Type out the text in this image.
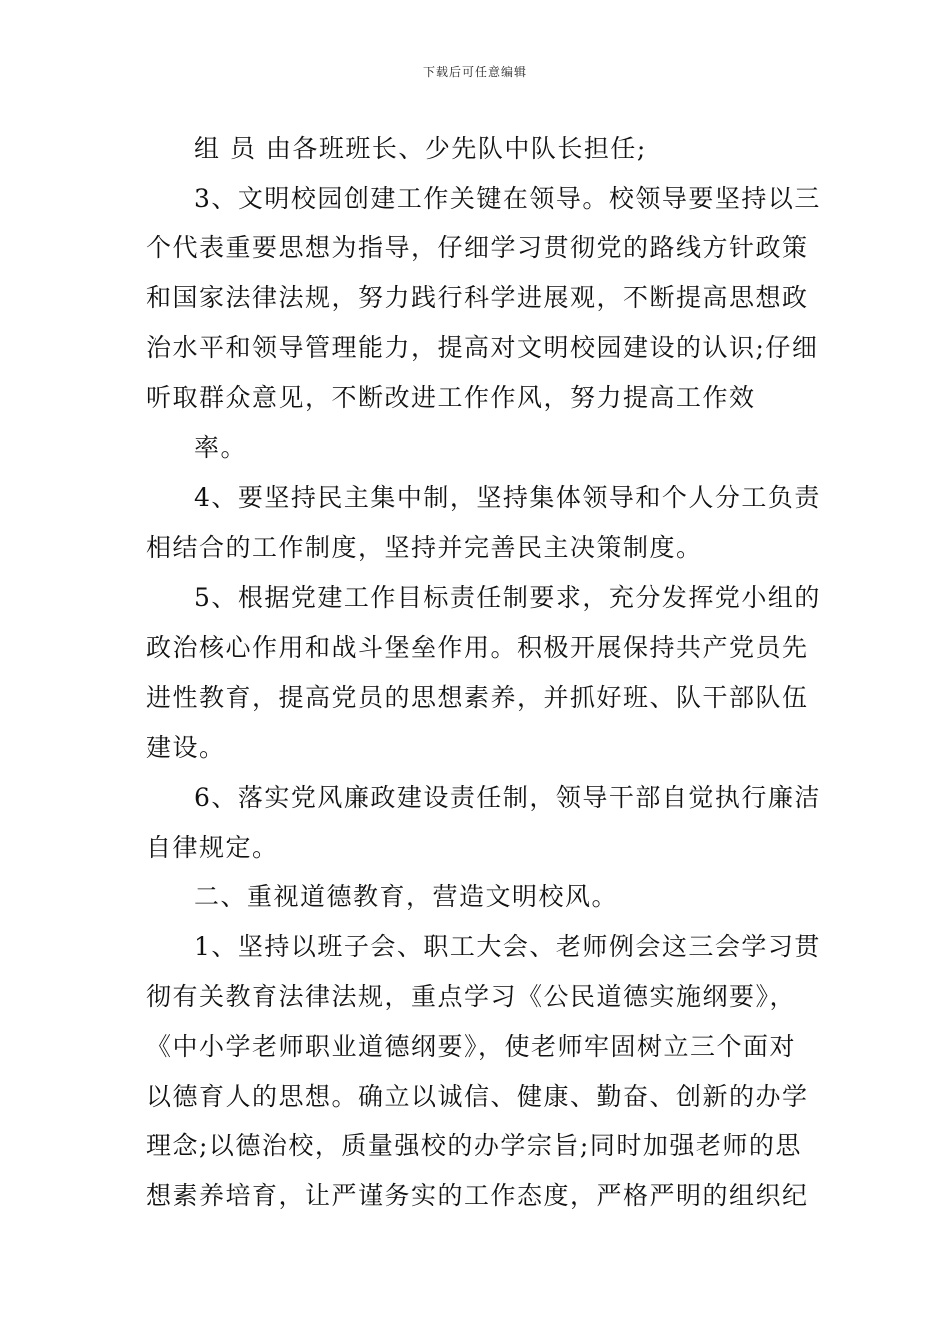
下载后可任意编辑
组 员 由各班班长、少先队中队长担任;
3、文明校园创建工作关键在领导。校领导要坚持以三
个代表重要思想为指导，仔细学习贯彻党的路线方针政策
和国家法律法规，努力践行科学进展观，不断提高思想政
治水平和领导管理能力，提高对文明校园建设的认识;仔细
听取群众意见，不断改进工作作风，努力提高工作效
率。
4、要坚持民主集中制，坚持集体领导和个人分工负责
相结合的工作制度，坚持并完善民主决策制度。
5、根据党建工作目标责任制要求，充分发挥党小组的
政治核心作用和战斗堡垒作用。积极开展保持共产党员先
进性教育，提高党员的思想素养，并抓好班、队干部队伍
建设。
6、落实党风廉政建设责任制，领导干部自觉执行廉洁
自律规定。
二、重视道德教育，营造文明校风。
1、坚持以班子会、职工大会、老师例会这三会学习贯
彻有关教育法律法规，重点学习《公民道德实施纲要》，
《中小学老师职业道德纲要》，使老师牢固树立三个面对
以德育人的思想。确立以诚信、健康、勤奋、创新的办学
理念;以德治校，质量强校的办学宗旨;同时加强老师的思
想素养培育，让严谨务实的工作态度，严格严明的组织纪
